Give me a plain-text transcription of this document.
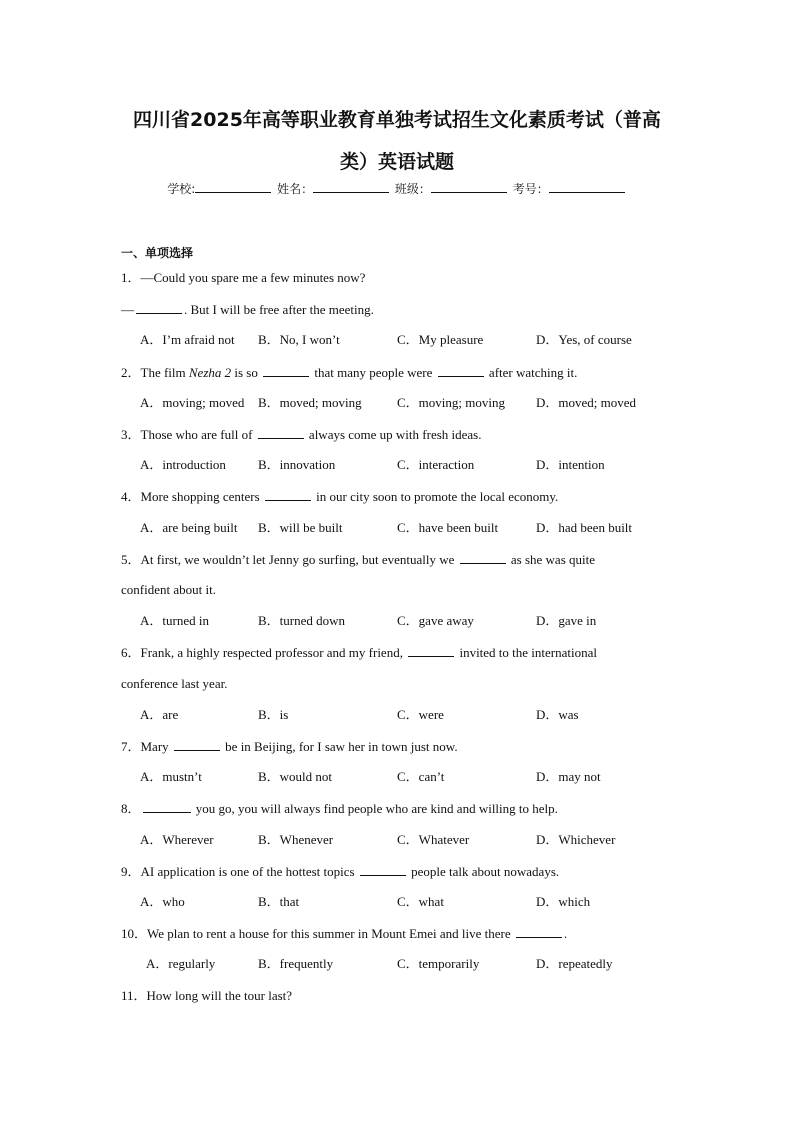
四川省2025年高等职业教育单独考试招生文化素质考试（普高
类）英语试题
学校:	姓名：	班级：	考号：
一、单项选择
1．—Could you spare me a few minutes now?
—	. But I will be free after the meeting.
A．I’m afraid not B．No, I won’t	C．My pleasure	D．Yes, of course
2．The film Nezha 2 is so	that many people were	after watching it.
A．moving; moved B．moved; moving	C．moving; moving D．moved; moved
3．Those who are full of	always come up with fresh ideas.
A．introduction B．innovation	C．interaction	D．intention
4．More shopping centers	in our city soon to promote the local economy.
A．are being built B．will be built	C．have been built	D．had been built
5．At first, we wouldn’t let Jenny go surfing, but eventually we	as she was quite
confident about it.
A．turned in	B．turned down	C．gave away	D．gave in
6．Frank, a highly respected professor and my friend,	invited to the international
conference last year.
A．are	B．is	C．were	D．was
7．Mary	be in Beijing, for I saw her in town just now.
A．mustn’t	B．would not	C．can’t	D．may not
8．	you go, you will always find people who are kind and willing to help.
A．Wherever	B．Whenever	C．Whatever	D．Whichever
9．AI application is one of the hottest topics	people talk about nowadays.
A．who	B．that	C．what	D．which
10．We plan to rent a house for this summer in Mount Emei and live there	.
A．regularly	B．frequently	C．temporarily	D．repeatedly
11．How long will the tour last?
